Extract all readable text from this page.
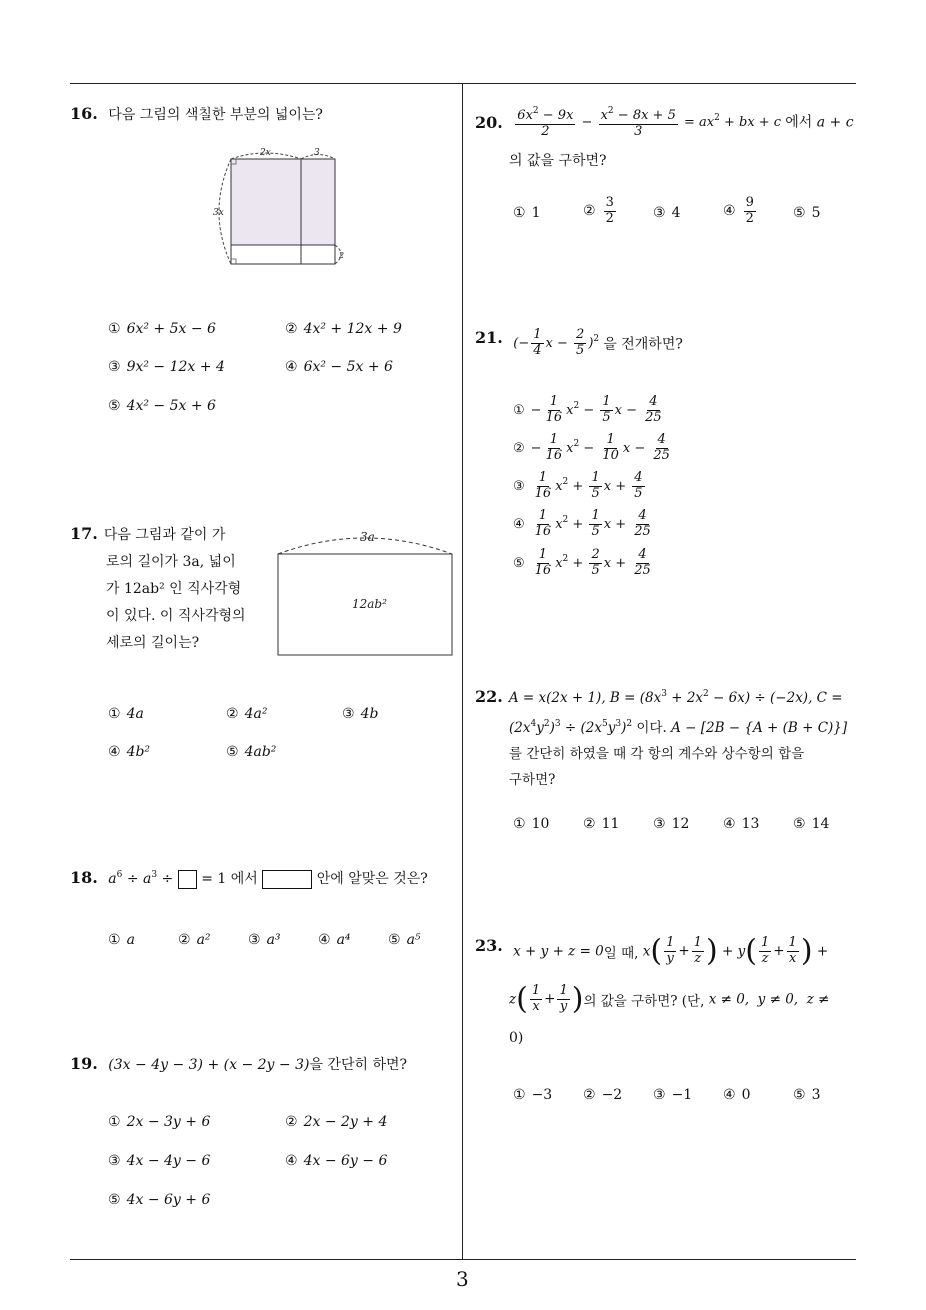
16. 다음 그림의 색칠한 부분의 넓이는?
2x	3
3x
2
① 6x² + 5x − 6	② 4x² + 12x + 9
③ 9x² − 12x + 4	④ 6x² − 5x + 6
⑤ 4x² − 5x + 6
17. 다음 그림과 같이 가
로의 길이가 3a, 넓이
가 12ab² 인 직사각형
이 있다. 이 직사각형의
세로의 길이는?
3a
12ab²
① 4a	② 4a²	③ 4b
④ 4b²	⑤ 4ab²
18. $a^6 \div a^3$ ÷  = 1 에서	안에 알맞은 것은?
① a	② a²	③ a³	④ a⁴	⑤ a⁵
19. (3x − 4y − 3) + (x − 2y − 3)을 간단히 하면?
① 2x − 3y + 6	② 2x − 2y + 4
③ 4x − 4y − 6	④ 4x − 6y − 6
⑤ 4x − 6y + 6
20. $\frac{6x^2 - 9x}{2} - \frac{x^2 - 8x + 5}{3} = ax^2$ + bx + c 에서 a + c
의 값을 구하면?
① 1	② $\frac{3}{2}$	③ 4	④ $\frac{9}{2}$	⑤ 5
21. (− $\frac{1}{4}$ $x - \frac{2}{5} )^2$ 을 전개하면?
① − $\frac{1}{16} x^2 - \frac{1}{5}$ $x - \frac{4}{25}$
② − $\frac{1}{16} x^2 - \frac{1}{10}$ $x - \frac{4}{25}$
③ $\frac{1}{16} x^2 + \frac{1}{5}$ $x + \frac{4}{5}$
④ $\frac{1}{16} x^2 + \frac{1}{5}$ $x + \frac{4}{25}$
⑤ $\frac{1}{16} x^2 + \frac{2}{5}$ $x + \frac{4}{25}$
22. A = x(2x + 1), $B = (8x^3 + 2x^2 - 6x) \div (-2x)$, C =
$(2x^4y^2)^3 \div (2x^5y^3)^2$ 이다. A − [2B − {A + (B + C)}]
를 간단히 하였을 때 각 항의 계수와 상수항의 합을
구하면?
① 10 ② 11 ③ 12 ④ 13 ⑤ 14
23. x + y + z = 0일 때, $x( \frac{1}{y} + \frac{1}{z}$ ) + $y( \frac{1}{z} + \frac{1}{x}$ ) +
$z( \frac{1}{x} + \frac{1}{y}$ )의 값을 구하면? (단, x ≠ 0,  y ≠ 0,  z ≠
0)
① −3 ② −2 ③ −1 ④ 0	⑤ 3
3
